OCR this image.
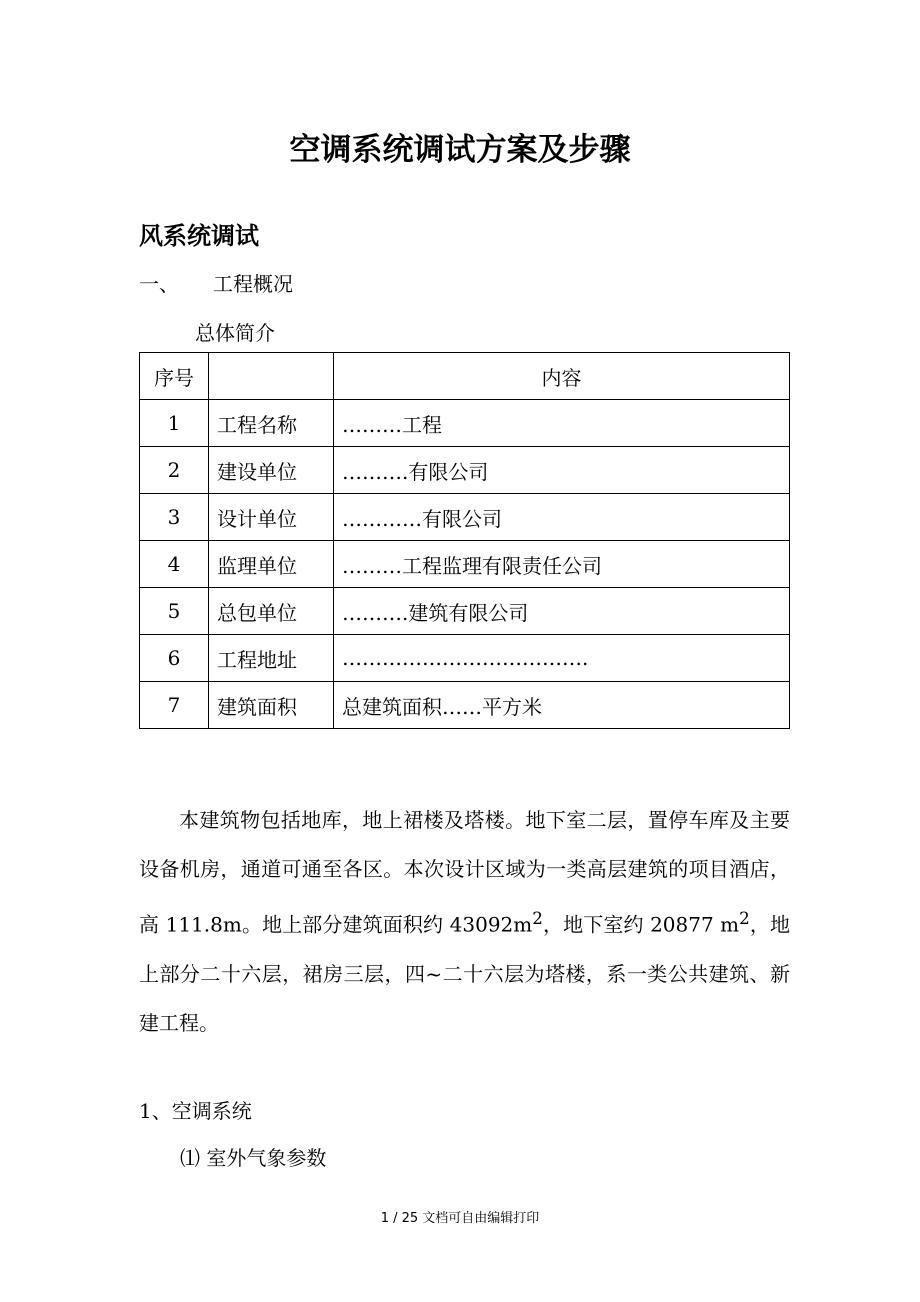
空调系统调试方案及步骤
风系统调试
一、 工程概况
总体简介
序号		内容
1	工程名称	………工程
2	建设单位	……….有限公司
3	设计单位	…………有限公司
4	监理单位	………工程监理有限责任公司
5	总包单位	……….建筑有限公司
6	工程地址	……………………………….
7	建筑面积	总建筑面积……平方米
本建筑物包括地库，地上裙楼及塔楼。地下室二层，置停车库及主要设备机房，通道可通至各区。本次设计区域为一类高层建筑的项目酒店，高 111.8m。地上部分建筑面积约 $43092m^2$，地下室约 20877 $m^2$，地上部分二十六层，裙房三层，四~二十六层为塔楼，系一类公共建筑、新建工程。
1、空调系统
⑴ 室外气象参数
1 / 25 文档可自由编辑打印
